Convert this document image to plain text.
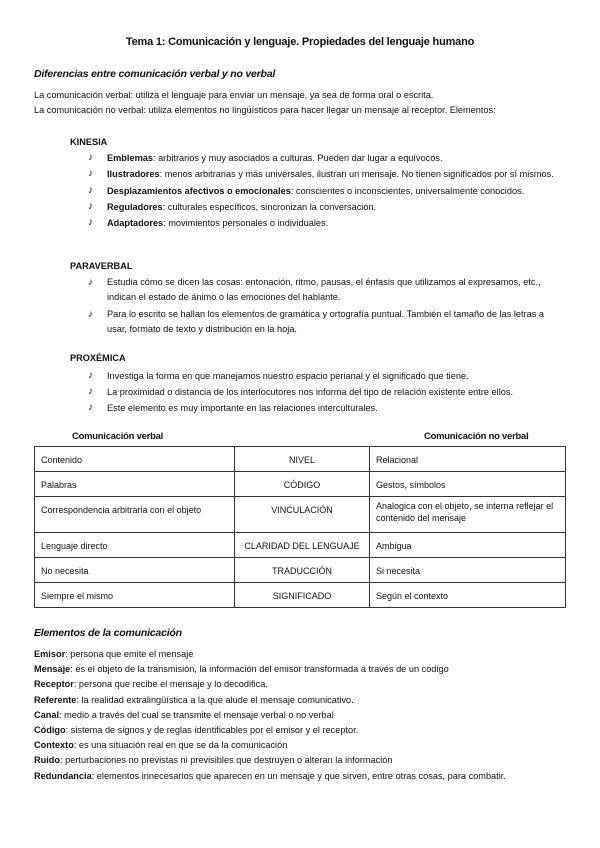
Tema 1: Comunicación y lenguaje. Propiedades del lenguaje humano
Diferencias entre comunicación verbal y no verbal
La comunicación verbal: utiliza el lenguaje para enviar un mensaje, ya sea de forma oral o escrita.
La comunicación no verbal: utiliza elementos no lingüísticos para hacer llegar un mensaje al receptor. Elementos:
KINESIA
♪ Emblemas: arbitrarios y muy asociados a culturas. Pueden dar lugar a equívocos.
♪ Ilustradores: menos arbitrarias y más universales, ilustran un mensaje. No tienen significados por sí mismos.
♪ Desplazamientos afectivos o emocionales: conscientes o inconscientes, universalmente conocidos.
♪ Reguladores: culturales específicos, sincronizan la conversación.
♪ Adaptadores: movimientos personales o individuales.
PARAVERBAL
♪ Estudia cómo se dicen las cosas: entonación, ritmo, pausas, el énfasis que utilizamos al expresamos, etc., indican el estado de ánimo o las emociones del hablante.
♪ Para lo escrito se hallan los elementos de gramática y ortografía puntual. También el tamaño de las letras a usar, formato de texto y distribución en la hoja.
PROXÉMICA
♪ Investiga la forma en que manejamos nuestro espacio perianal y el significado que tiene.
♪ La proximidad o distancia de los interlocutores nos informa del tipo de relación existente entre ellos.
♪ Este elemento es muy importante en las relaciones interculturales.
Comunicación verbal	Comunicación no verbal
Contenido	NIVEL	Relacional

Palabras	CÓDIGO	Gestos, símbolos

Correspondencia arbitraria con el objeto	VINCULACIÓN	Analogica con el objeto, se interna reflejar el contenido del mensaje

Lenguaje directo	CLARIDAD DEL LENGUAJE	Ambigua

No necesita	TRADUCCIÓN	Si necesita

Siempre el mismo	SIGNIFICADO	Según el contexto
Elementos de la comunicación
Emisor: persona que emite el mensaje
Mensaje: es el objeto de la transmisión, la información del emisor transformada a través de un código
Receptor: persona que recibe el mensaje y lo decodifica.
Referente: la realidad extralingüística a la que alude el mensaje comunicativo.
Canal: medio a través del cual se transmite el mensaje verbal o no verbal
Código: sistema de signos y de reglas identificables por el emisor y el receptor.
Contexto: es una situación real en que se da la comunicación
Ruido: perturbaciones no previstas ni previsibles que destruyen o alteran la información
Redundancia: elementos innecesarios que aparecen en un mensaje y que sirven, entre otras cosas, para combatir.
